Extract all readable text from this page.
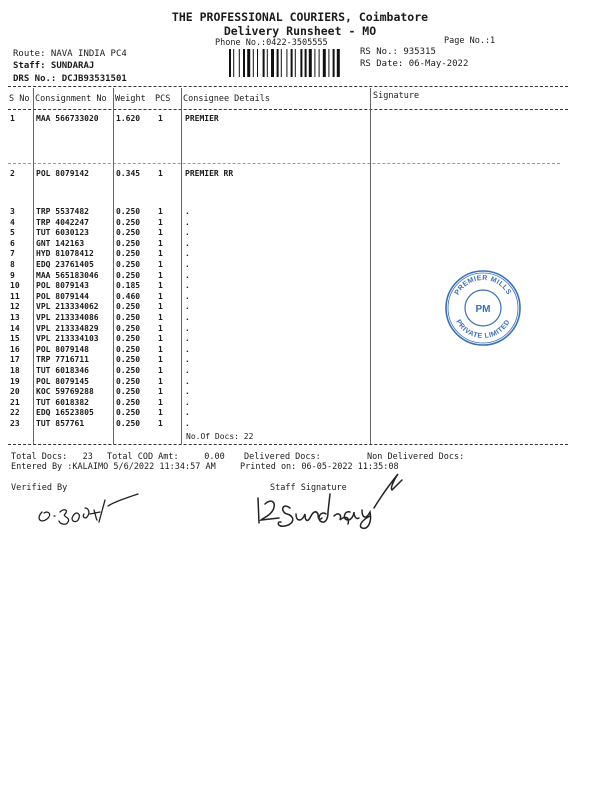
THE PROFESSIONAL COURIERS, Coimbatore
Delivery Runsheet - MO
Phone No.:0422-3505555	Page No.:1
Route: NAVA INDIA PC4
Staff: SUNDARAJ
DRS No.: DCJB93531501
RS No.: 935315
RS Date: 06-May-2022
S No Consignment No Weight PCS Consignee Details	Signature
1	MAA 566733020 1.620 1	PREMIER
2	POL 8079142	0.345 1	PREMIER RR
3	TRP 5537482	0.250 1	.
4	TRP 4042247	0.250 1	.
5	TUT 6030123	0.250 1	.
6	GNT 142163	0.250 1	.
7	HYD 81078412	0.250 1	.
8	EDQ 23761405	0.250 1	.
9	MAA 565183046 0.250 1	.
10 POL 8079143	0.185 1	.
11 POL 8079144	0.460 1	.
12 VPL 213334062 0.250 1	.
13 VPL 213334086 0.250 1	.
14 VPL 213334829 0.250 1	.
15 VPL 213334103 0.250 1	.
16 POL 8079148	0.250 1	.
17 TRP 7716711	0.250 1	.
18 TUT 6018346	0.250 1	.
19 POL 8079145	0.250 1	.
20 KOC 59769288	0.250 1	.
21 TUT 6018382	0.250 1	.
22 EDQ 16523805	0.250 1	.
23 TUT 857761	0.250 1	.
No.Of Docs: 22
Total Docs:   23 Total COD Amt:     0.00 Delivered Docs:	Non Delivered Docs:
Entered By :KALAIMO 5/6/2022 11:34:57 AM	Printed on: 06-05-2022 11:35:08
Verified By	Staff Signature
PREMIER MILLS
PRIVATE LIMITED
PM
